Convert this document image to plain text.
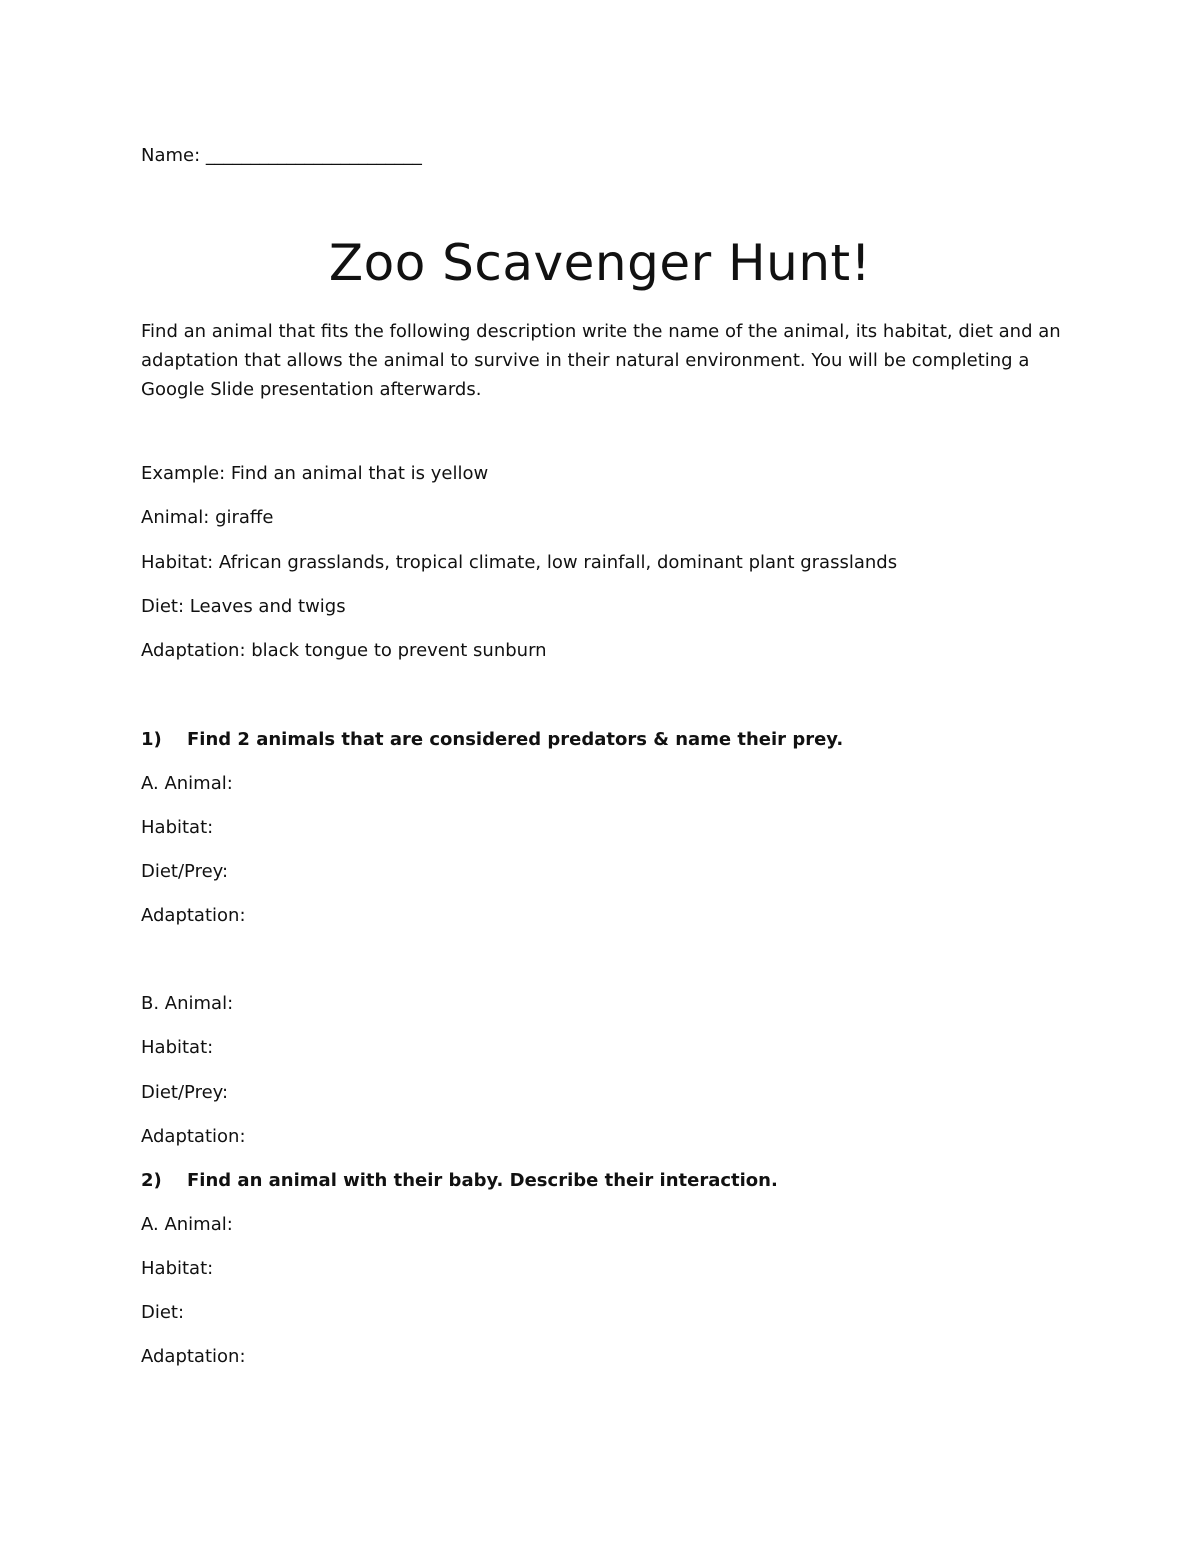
Name: ________________________
Zoo Scavenger Hunt!
Find an animal that fits the following description write the name of the animal, its habitat, diet and an
adaptation that allows the animal to survive in their natural environment. You will be completing a
Google Slide presentation afterwards.
Example: Find an animal that is yellow
Animal: giraffe
Habitat: African grasslands, tropical climate, low rainfall, dominant plant grasslands
Diet: Leaves and twigs
Adaptation: black tongue to prevent sunburn
1) Find 2 animals that are considered predators & name their prey.
A. Animal:
Habitat:
Diet/Prey:
Adaptation:
B. Animal:
Habitat:
Diet/Prey:
Adaptation:
2) Find an animal with their baby. Describe their interaction.
A. Animal:
Habitat:
Diet:
Adaptation:
